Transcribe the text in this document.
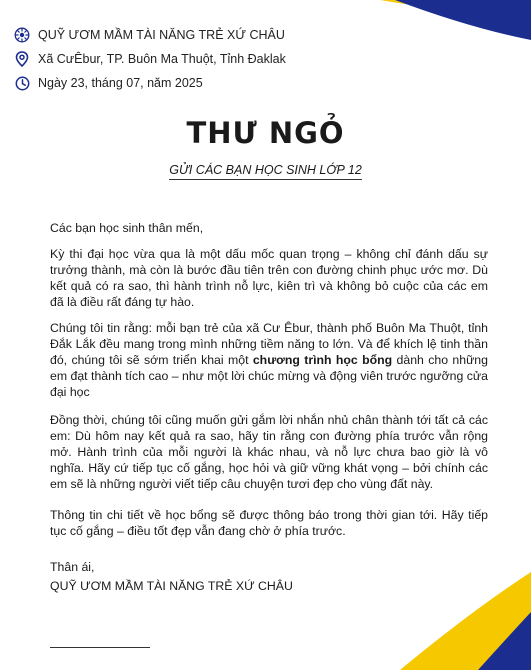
QUỸ ƯƠM MẦM TÀI NĂNG TRẺ XỨ CHÂU
Xã CưÊbur, TP. Buôn Ma Thuột, Tỉnh Đaklak
Ngày 23, tháng 07, năm 2025
THƯ NGỎ
GỬI CÁC BẠN HỌC SINH LỚP 12

Các bạn học sinh thân mến,

Kỳ thi đại học vừa qua là một dấu mốc quan trọng – không chỉ đánh dấu sự trưởng thành, mà còn là bước đầu tiên trên con đường chinh phục ước mơ. Dù kết quả có ra sao, thì hành trình nỗ lực, kiên trì và không bỏ cuộc của các em đã là điều rất đáng tự hào.

Chúng tôi tin rằng: mỗi bạn trẻ của xã Cư Êbur, thành phố Buôn Ma Thuột, tỉnh Đắk Lắk đều mang trong mình những tiềm năng to lớn. Và để khích lệ tinh thần đó, chúng tôi sẽ sớm triển khai một chương trình học bổng dành cho những em đạt thành tích cao – như một lời chúc mừng và động viên trước ngưỡng cửa đại học

Đồng thời, chúng tôi cũng muốn gửi gắm lời nhắn nhủ chân thành tới tất cả các em: Dù hôm nay kết quả ra sao, hãy tin rằng con đường phía trước vẫn rộng mở. Hành trình của mỗi người là khác nhau, và nỗ lực chưa bao giờ là vô nghĩa. Hãy cứ tiếp tục cố gắng, học hỏi và giữ vững khát vọng – bởi chính các em sẽ là những người viết tiếp câu chuyện tươi đẹp cho vùng đất này.

Thông tin chi tiết về học bổng sẽ được thông báo trong thời gian tới. Hãy tiếp tục cố gắng – điều tốt đẹp vẫn đang chờ ở phía trước.

Thân ái,

QUỸ ƯƠM MẦM TÀI NĂNG TRẺ XỨ CHÂU
